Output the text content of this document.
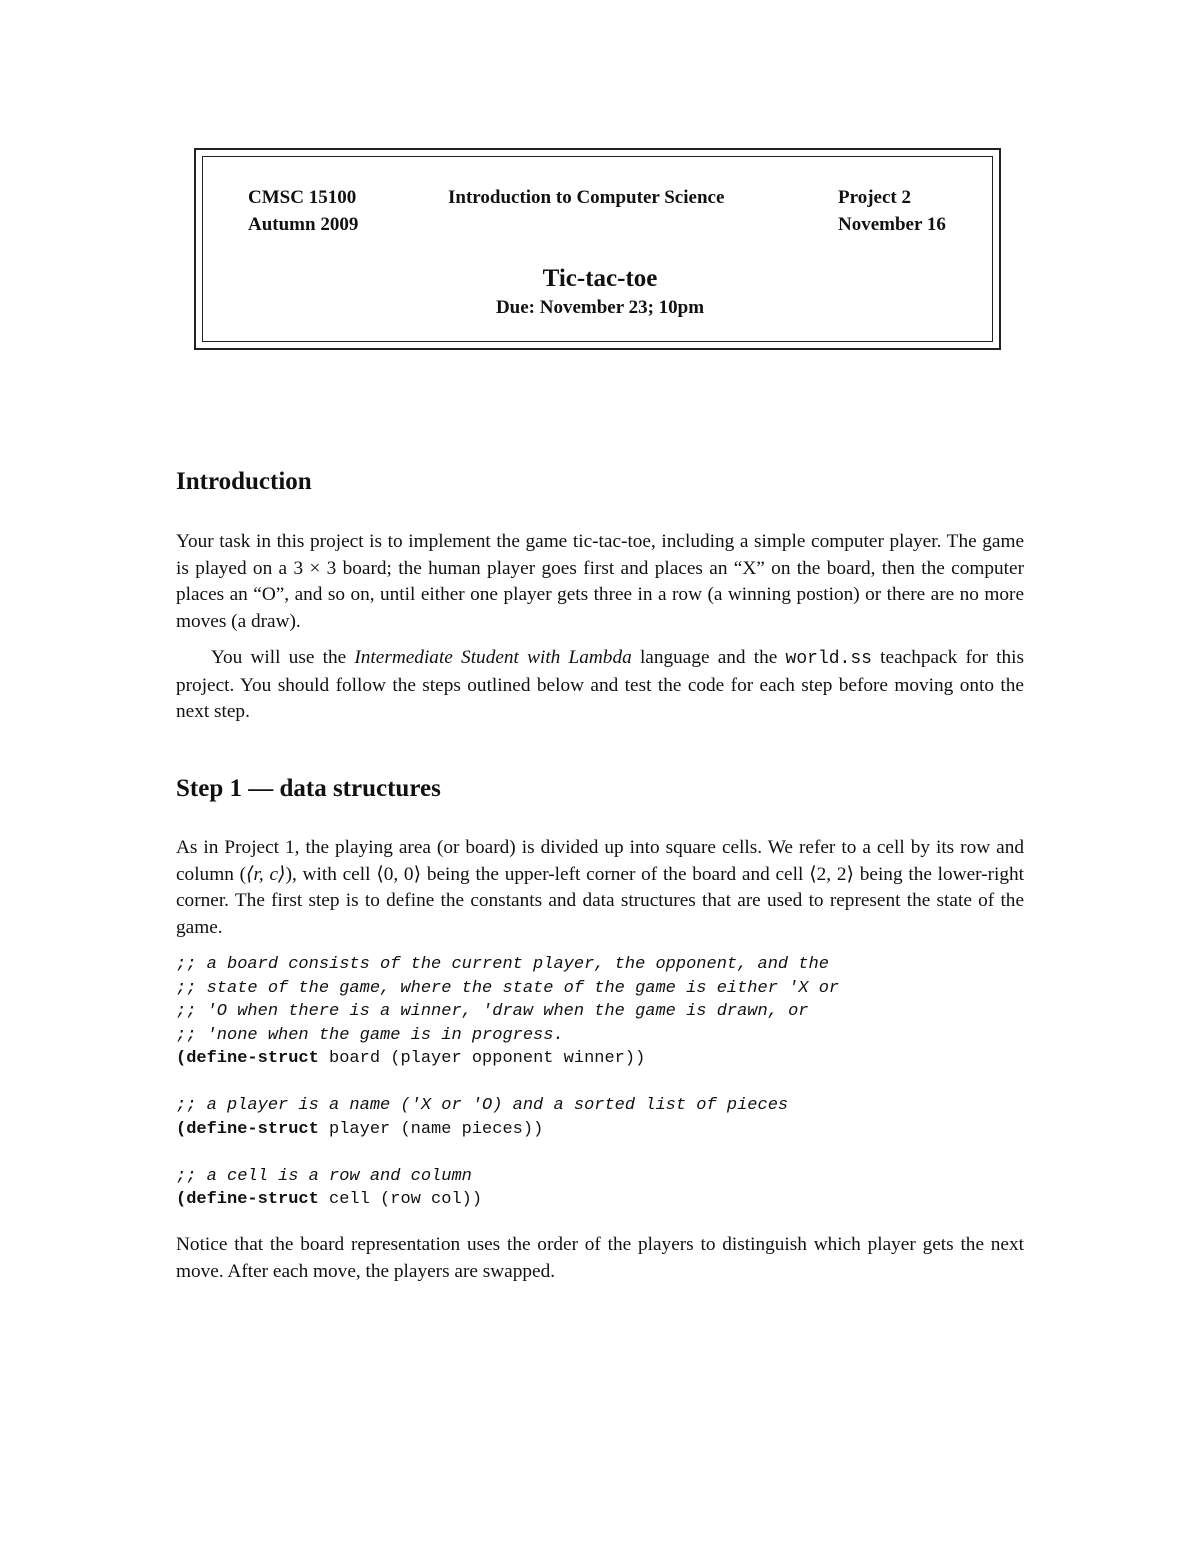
CMSC 15100
Autumn 2009
Introduction to Computer Science	Project 2
November 16
Tic-tac-toe
Due: November 23; 10pm
Introduction

Your task in this project is to implement the game tic-tac-toe, including a simple computer player. The game is played on a 3 × 3 board; the human player goes first and places an “X” on the board, then the computer places an “O”, and so on, until either one player gets three in a row (a winning postion) or there are no more moves (a draw).

You will use the Intermediate Student with Lambda language and the world.ss teachpack for this project. You should follow the steps outlined below and test the code for each step before moving onto the next step.

Step 1 — data structures

As in Project 1, the playing area (or board) is divided up into square cells. We refer to a cell by its row and column (⟨r, c⟩), with cell ⟨0, 0⟩ being the upper-left corner of the board and cell ⟨2, 2⟩ being the lower-right corner. The first step is to define the constants and data structures that are used to represent the state of the game.

;; a board consists of the current player, the opponent, and the
;; state of the game, where the state of the game is either 'X or
;; 'O when there is a winner, 'draw when the game is drawn, or
;; 'none when the game is in progress.
(define-struct board (player opponent winner))

;; a player is a name ('X or 'O) and a sorted list of pieces
(define-struct player (name pieces))

;; a cell is a row and column
(define-struct cell (row col))

Notice that the board representation uses the order of the players to distinguish which player gets the next move. After each move, the players are swapped.
